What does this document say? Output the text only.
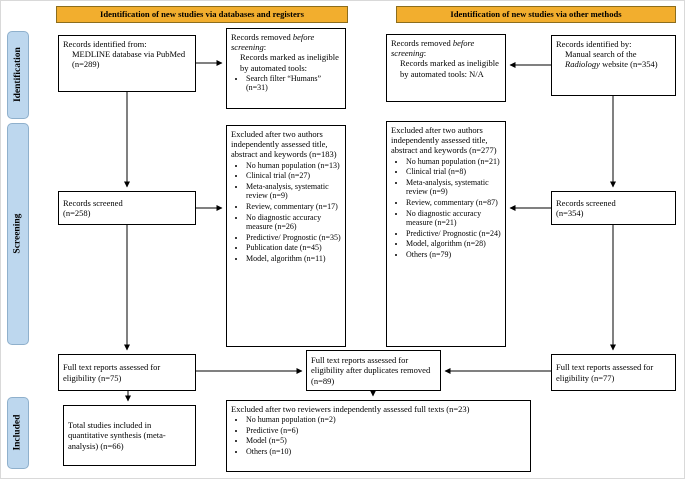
Identification of new studies via databases and registers	Identification of new studies via other methods
Identification
Screening
Included
Records identified from:
MEDLINE database via PubMed (n=289)
Records removed before screening:
Records marked as ineligible by automated tools:
• Search filter “Humans” (n=31)
Records removed before screening:
Records marked as ineligible by automated tools: N/A
Records identified by:
Manual search of the Radiology website (n=354)
Records screened
(n=258)
Excluded after two authors independently assessed title, abstract and keywords (n=183)
• No human population (n=13)
• Clinical trial (n=27)
• Meta-analysis, systematic review (n=9)
• Review, commentary (n=17)
• No diagnostic accuracy measure (n=26)
• Predictive/ Prognostic (n=35)
• Publication date (n=45)
• Model, algorithm (n=11)
Excluded after two authors independently assessed title, abstract and keywords (n=277)
• No human population (n=21)
• Clinical trial (n=8)
• Meta-analysis, systematic review (n=9)
• Review, commentary (n=87)
• No diagnostic accuracy measure (n=21)
• Predictive/ Prognostic (n=24)
• Model, algorithm (n=28)
• Others (n=79)
Records screened
(n=354)
Full text reports assessed for eligibility (n=75)
Full text reports assessed for eligibility after duplicates removed (n=89)
Full text reports assessed for eligibility (n=77)
Total studies included in quantitative synthesis (meta-analysis) (n=66)
Excluded after two reviewers independently assessed full texts (n=23)
• No human population (n=2)
• Predictive (n=6)
• Model (n=5)
• Others (n=10)
